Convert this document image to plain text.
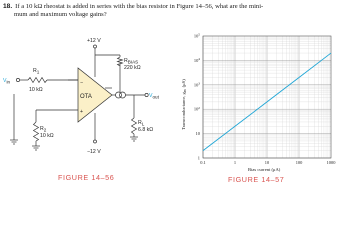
18. If a 10 kΩ rheostat is added in series with the bias resistor in Figure 14–56, what are the mini-
mum and maximum voltage gains?
+12 V
−12 V
R1
10 kΩ
R2
10 kΩ
RBIAS
220 kΩ
RL
6.8 kΩ
OTA
−
+
Vin
Vout
FIGURE 14–56
1
10
$10^2$
$10^3$
$10^4$
$10^5$
0.1	1	10	100	1000
Transconductance, $g_m(\mu S)$
Bias current (μA)
FIGURE 14–57
